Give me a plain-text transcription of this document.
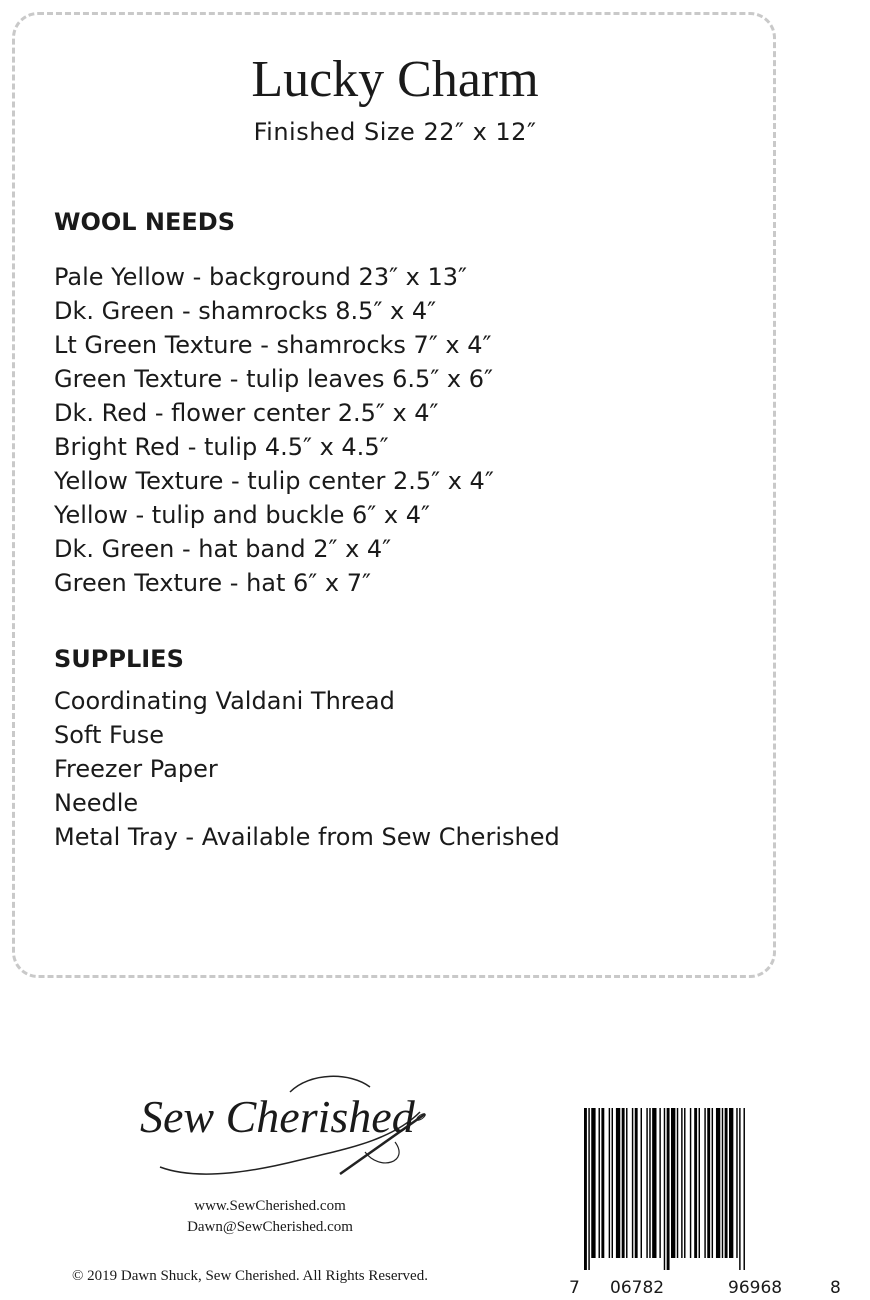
Lucky Charm
Finished Size 22″ x 12″
WOOL NEEDS
Pale Yellow - background 23″ x 13″
Dk. Green - shamrocks 8.5″ x 4″
Lt Green Texture - shamrocks 7″ x 4″
Green Texture - tulip leaves 6.5″ x 6″
Dk. Red - flower center 2.5″ x 4″
Bright Red - tulip 4.5″ x 4.5″
Yellow Texture - tulip center 2.5″ x 4″
Yellow - tulip and buckle 6″ x 4″
Dk. Green - hat band 2″ x 4″
Green Texture - hat 6″ x 7″
SUPPLIES
Coordinating Valdani Thread
Soft Fuse
Freezer Paper
Needle
Metal Tray - Available from Sew Cherished
Sew Cherished
www.SewCherished.com
Dawn@SewCherished.com
© 2019 Dawn Shuck, Sew Cherished. All Rights Reserved.
7 06782	96968	8
